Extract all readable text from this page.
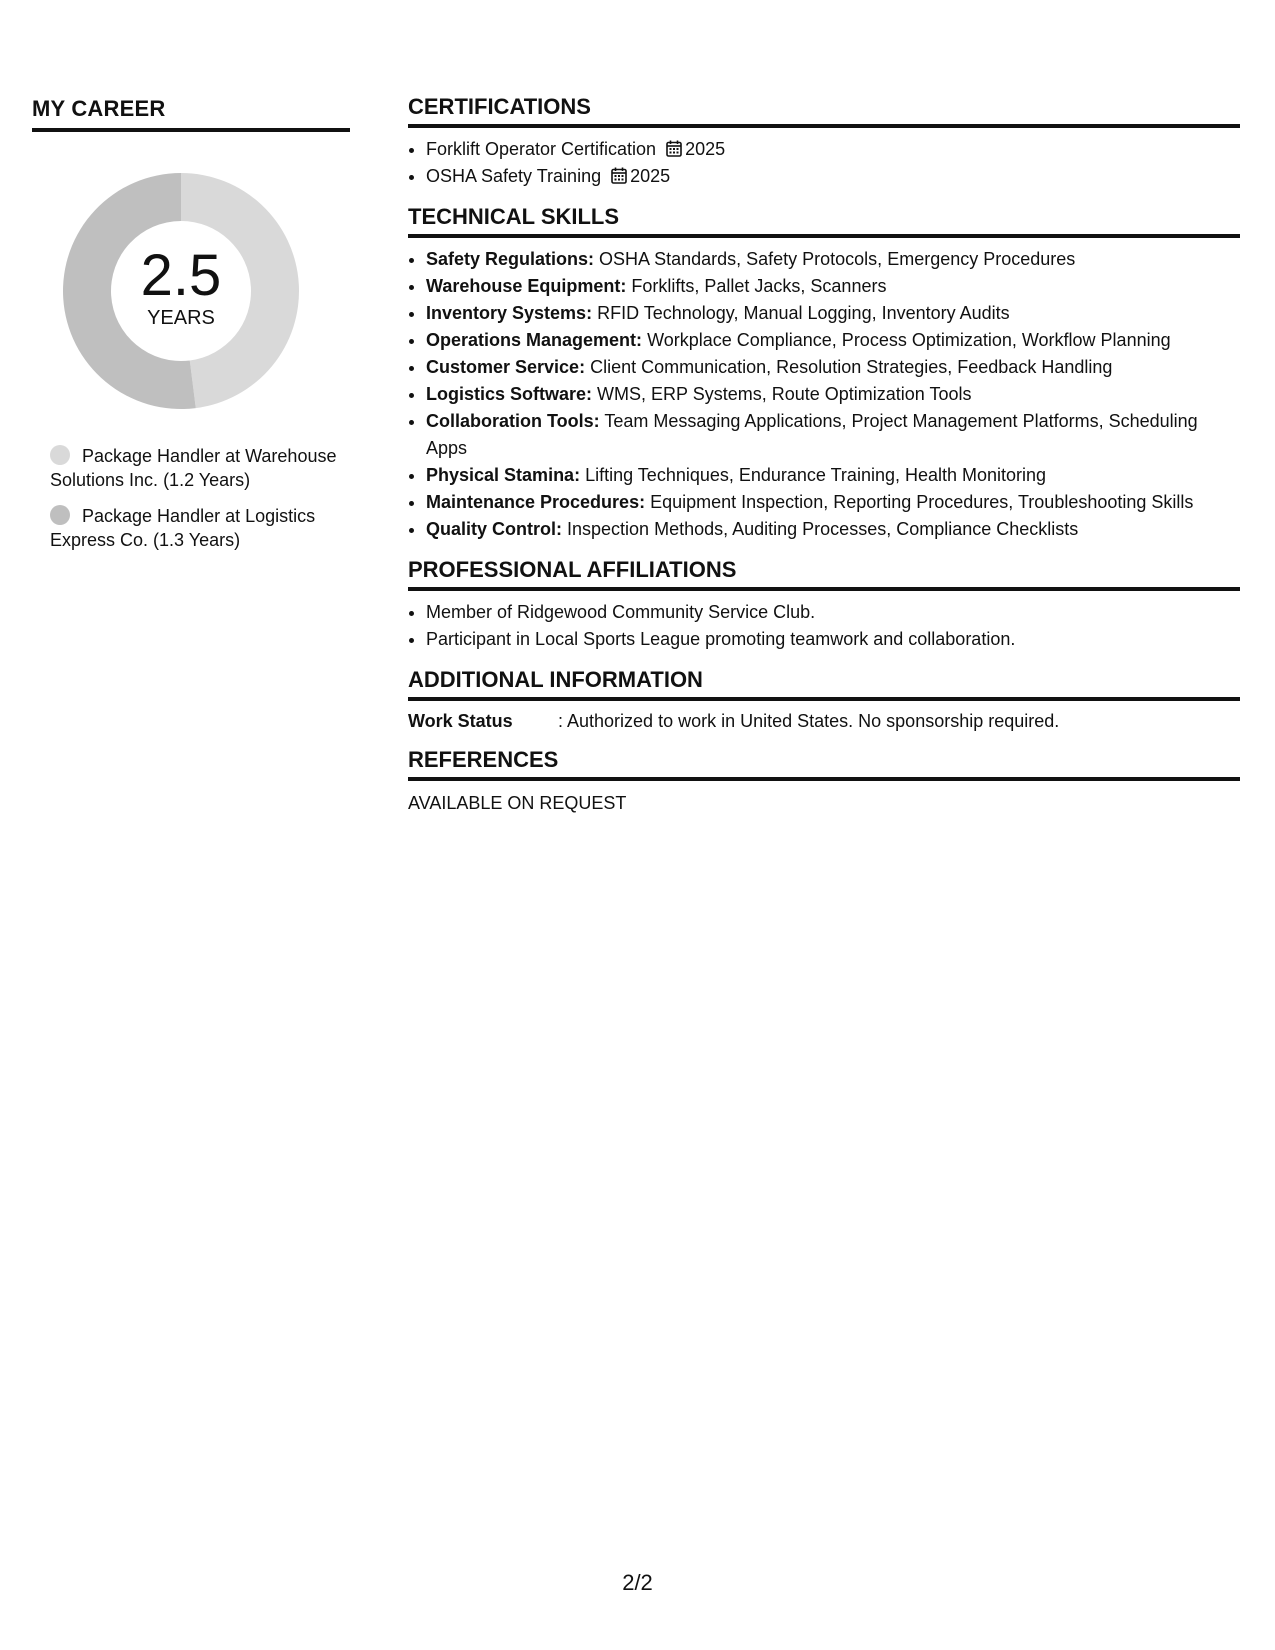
MY CAREER
2.5
YEARS
Package Handler at Warehouse Solutions Inc. (1.2 Years)
Package Handler at Logistics Express Co. (1.3 Years)
CERTIFICATIONS
• Forklift Operator Certification 2025
• OSHA Safety Training 2025
TECHNICAL SKILLS
• Safety Regulations: OSHA Standards, Safety Protocols, Emergency Procedures
• Warehouse Equipment: Forklifts, Pallet Jacks, Scanners
• Inventory Systems: RFID Technology, Manual Logging, Inventory Audits
• Operations Management: Workplace Compliance, Process Optimization, Workflow Planning
• Customer Service: Client Communication, Resolution Strategies, Feedback Handling
• Logistics Software: WMS, ERP Systems, Route Optimization Tools
• Collaboration Tools: Team Messaging Applications, Project Management Platforms, Scheduling Apps
• Physical Stamina: Lifting Techniques, Endurance Training, Health Monitoring
• Maintenance Procedures: Equipment Inspection, Reporting Procedures, Troubleshooting Skills
• Quality Control: Inspection Methods, Auditing Processes, Compliance Checklists
PROFESSIONAL AFFILIATIONS
• Member of Ridgewood Community Service Club.
• Participant in Local Sports League promoting teamwork and collaboration.
ADDITIONAL INFORMATION
Work Status	: Authorized to work in United States. No sponsorship required.
REFERENCES
AVAILABLE ON REQUEST
2/2
